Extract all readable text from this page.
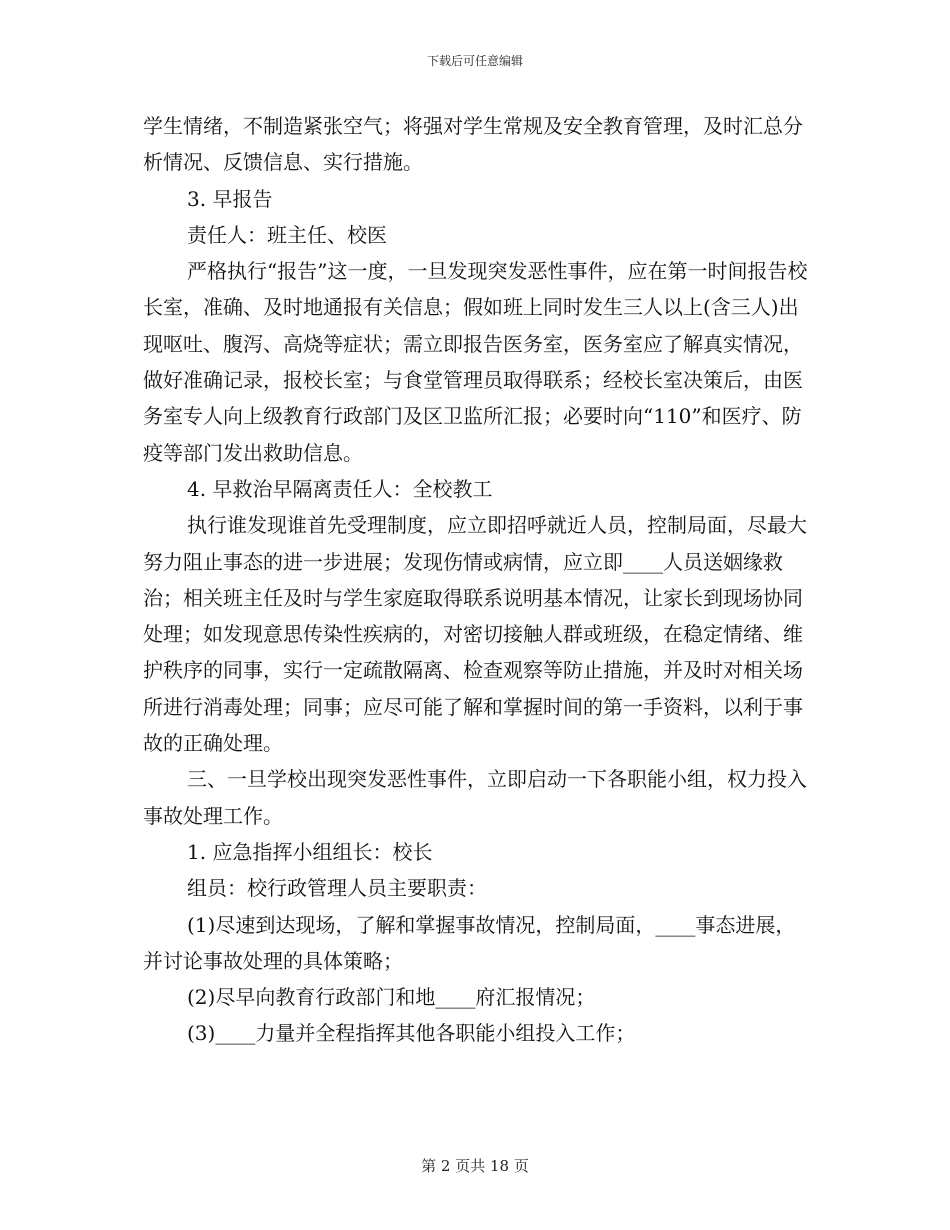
下载后可任意编辑

学生情绪，不制造紧张空气；将强对学生常规及安全教育管理，及时汇总分析情况、反馈信息、实行措施。

3. 早报告

责任人：班主任、校医

严格执行“报告”这一度，一旦发现突发恶性事件，应在第一时间报告校长室，准确、及时地通报有关信息；假如班上同时发生三人以上(含三人)出现呕吐、腹泻、高烧等症状；需立即报告医务室，医务室应了解真实情况，做好准确记录，报校长室；与食堂管理员取得联系；经校长室决策后，由医务室专人向上级教育行政部门及区卫监所汇报；必要时向“110”和医疗、防疫等部门发出救助信息。

4. 早救治早隔离责任人：全校教工

执行谁发现谁首先受理制度，应立即招呼就近人员，控制局面，尽最大努力阻止事态的进一步进展；发现伤情或病情，应立即____人员送姻缘救治；相关班主任及时与学生家庭取得联系说明基本情况，让家长到现场协同处理；如发现意思传染性疾病的，对密切接触人群或班级，在稳定情绪、维护秩序的同事，实行一定疏散隔离、检查观察等防止措施，并及时对相关场所进行消毒处理；同事；应尽可能了解和掌握时间的第一手资料，以利于事故的正确处理。

三、一旦学校出现突发恶性事件，立即启动一下各职能小组，权力投入事故处理工作。

1. 应急指挥小组组长：校长

组员：校行政管理人员主要职责：

(1)尽速到达现场，了解和掌握事故情况，控制局面，____事态进展，并讨论事故处理的具体策略；

(2)尽早向教育行政部门和地____府汇报情况；

(3)____力量并全程指挥其他各职能小组投入工作；

第 2 页共 18 页
